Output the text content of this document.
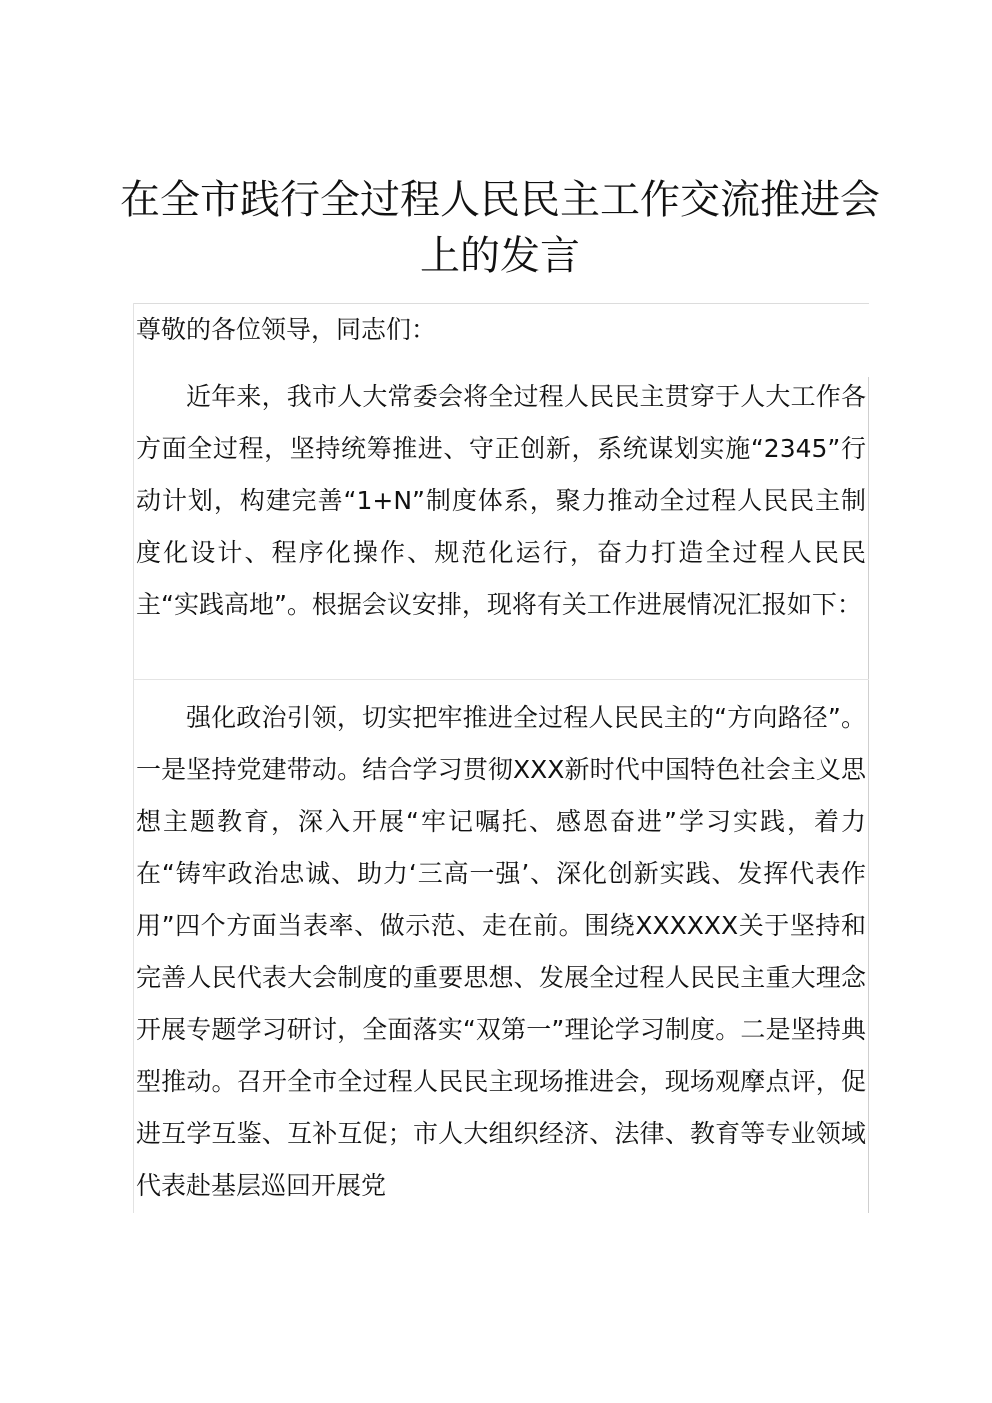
在全市践行全过程人民民主工作交流推进会上的发言

尊敬的各位领导，同志们：

近年来，我市人大常委会将全过程人民民主贯穿于人大工作各方面全过程，坚持统筹推进、守正创新，系统谋划实施“2345”行动计划，构建完善“1+N”制度体系，聚力推动全过程人民民主制度化设计、程序化操作、规范化运行，奋力打造全过程人民民主“实践高地”。根据会议安排，现将有关工作进展情况汇报如下：

强化政治引领，切实把牢推进全过程人民民主的“方向路径”。一是坚持党建带动。结合学习贯彻XXX新时代中国特色社会主义思想主题教育，深入开展“牢记嘱托、感恩奋进”学习实践，着力在“铸牢政治忠诚、助力‘三高一强’、深化创新实践、发挥代表作用”四个方面当表率、做示范、走在前。围绕XXXXXX关于坚持和完善人民代表大会制度的重要思想、发展全过程人民民主重大理念开展专题学习研讨，全面落实“双第一”理论学习制度。二是坚持典型推动。召开全市全过程人民民主现场推进会，现场观摩点评，促进互学互鉴、互补互促；市人大组织经济、法律、教育等专业领域代表赴基层巡回开展党
